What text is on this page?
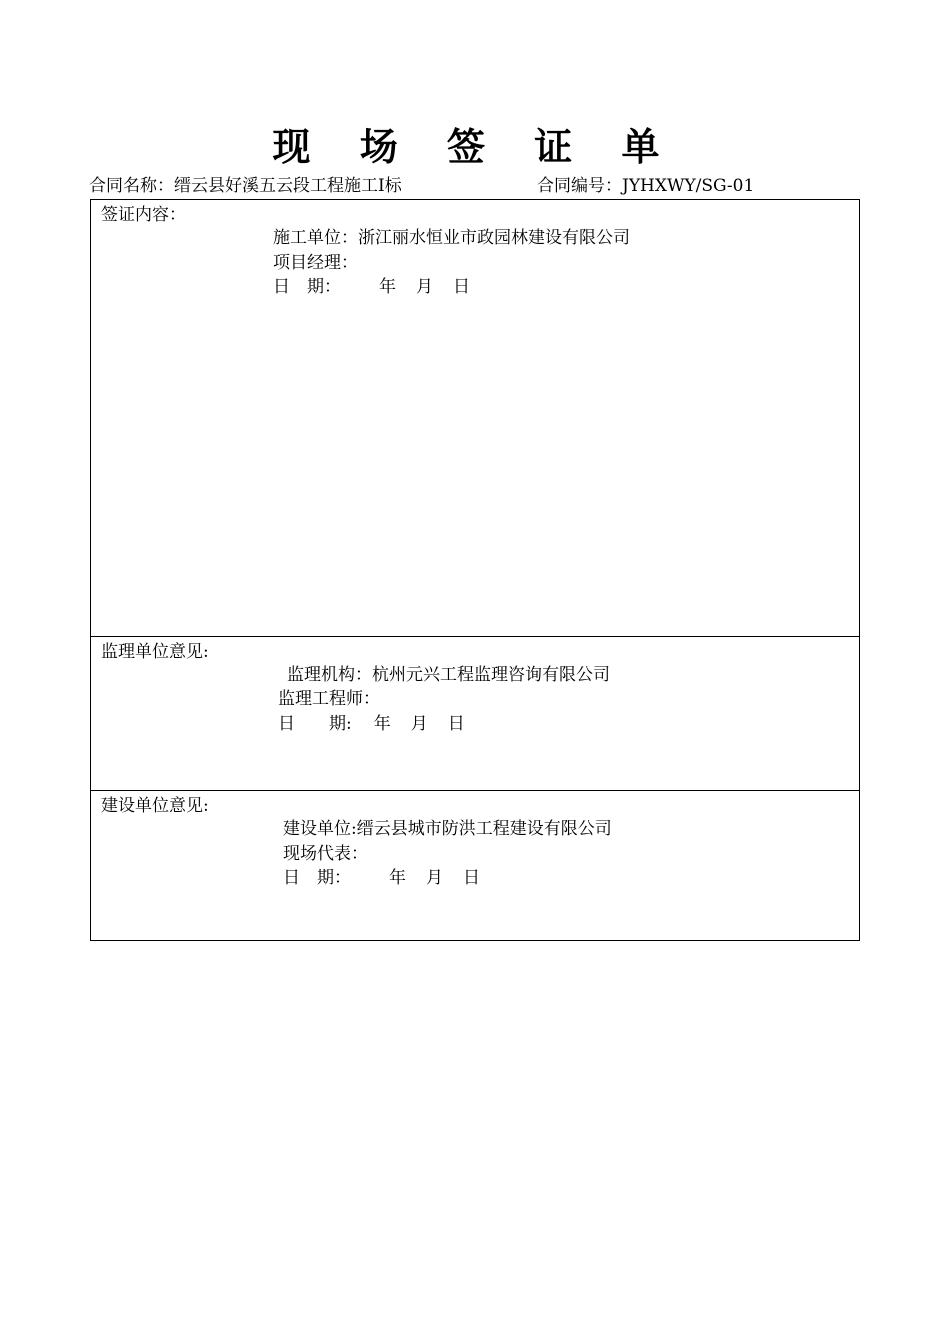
现 场 签 证 单
合同名称：缙云县好溪五云段工程施工Ⅰ标	合同编号：JYHXWY/SG-01
签证内容：
施工单位：浙江丽水恒业市政园林建设有限公司
项目经理：
日　期： 年 月 日
监理单位意见:
监理机构：杭州元兴工程监理咨询有限公司
监理工程师：
日　　期: 年 月 日
建设单位意见:
建设单位:缙云县城市防洪工程建设有限公司
现场代表：
日　期： 年 月 日
